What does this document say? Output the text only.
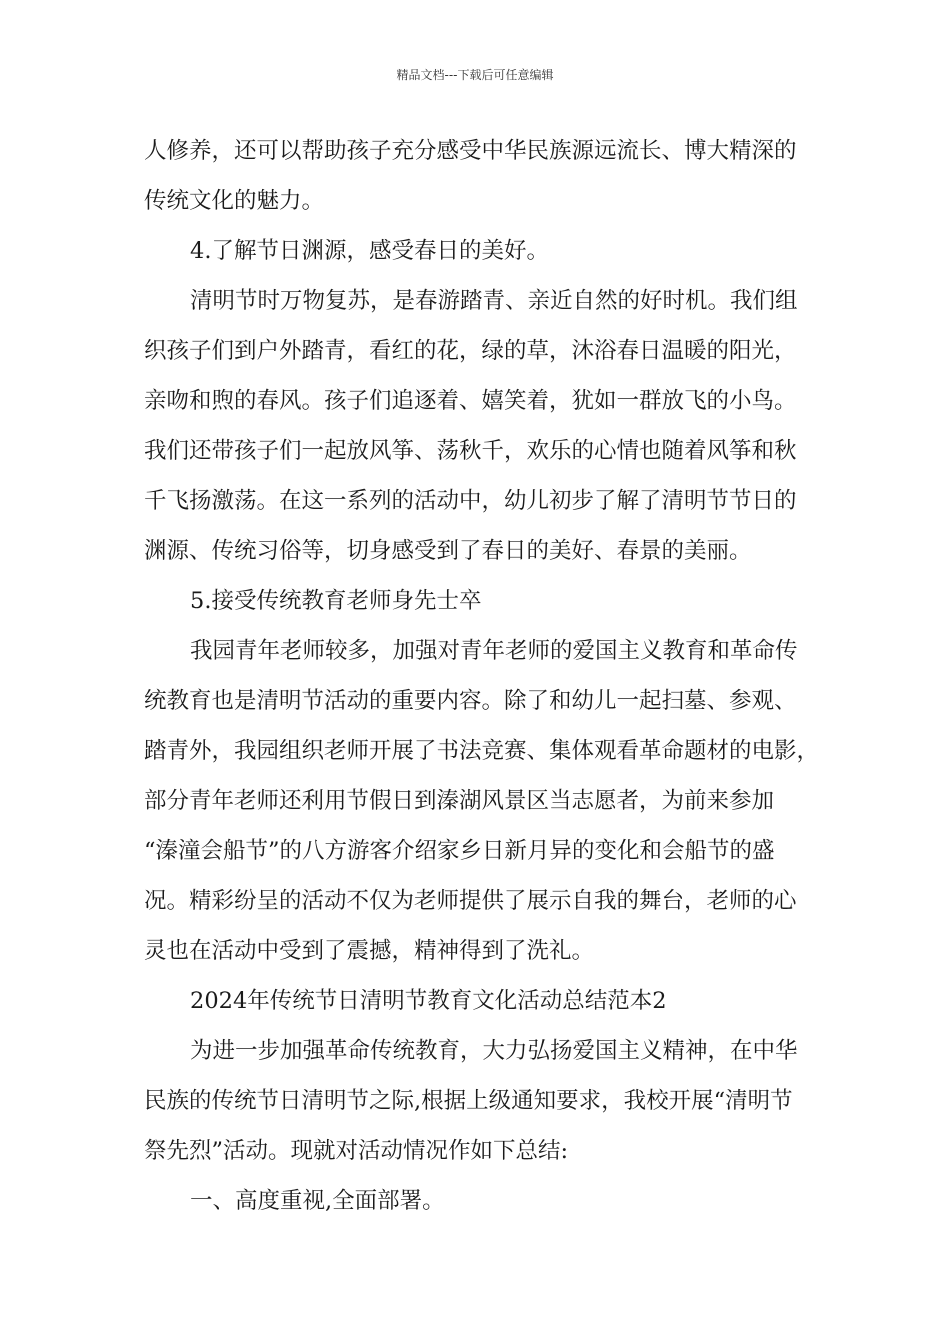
精品文档---下载后可任意编辑
人修养，还可以帮助孩子充分感受中华民族源远流长、博大精深的
传统文化的魅力。
4.了解节日渊源，感受春日的美好。
清明节时万物复苏，是春游踏青、亲近自然的好时机。我们组
织孩子们到户外踏青，看红的花，绿的草，沐浴春日温暖的阳光，
亲吻和煦的春风。孩子们追逐着、嬉笑着，犹如一群放飞的小鸟。
我们还带孩子们一起放风筝、荡秋千，欢乐的心情也随着风筝和秋
千飞扬激荡。在这一系列的活动中，幼儿初步了解了清明节节日的
渊源、传统习俗等，切身感受到了春日的美好、春景的美丽。
5.接受传统教育老师身先士卒
我园青年老师较多，加强对青年老师的爱国主义教育和革命传
统教育也是清明节活动的重要内容。除了和幼儿一起扫墓、参观、
踏青外，我园组织老师开展了书法竞赛、集体观看革命题材的电影，
部分青年老师还利用节假日到溱湖风景区当志愿者，为前来参加
“溱潼会船节”的八方游客介绍家乡日新月异的变化和会船节的盛
况。精彩纷呈的活动不仅为老师提供了展示自我的舞台，老师的心
灵也在活动中受到了震撼，精神得到了洗礼。
2024年传统节日清明节教育文化活动总结范本2
为进一步加强革命传统教育，大力弘扬爱国主义精神，在中华
民族的传统节日清明节之际,根据上级通知要求，我校开展“清明节
祭先烈”活动。现就对活动情况作如下总结:
一、高度重视,全面部署。
